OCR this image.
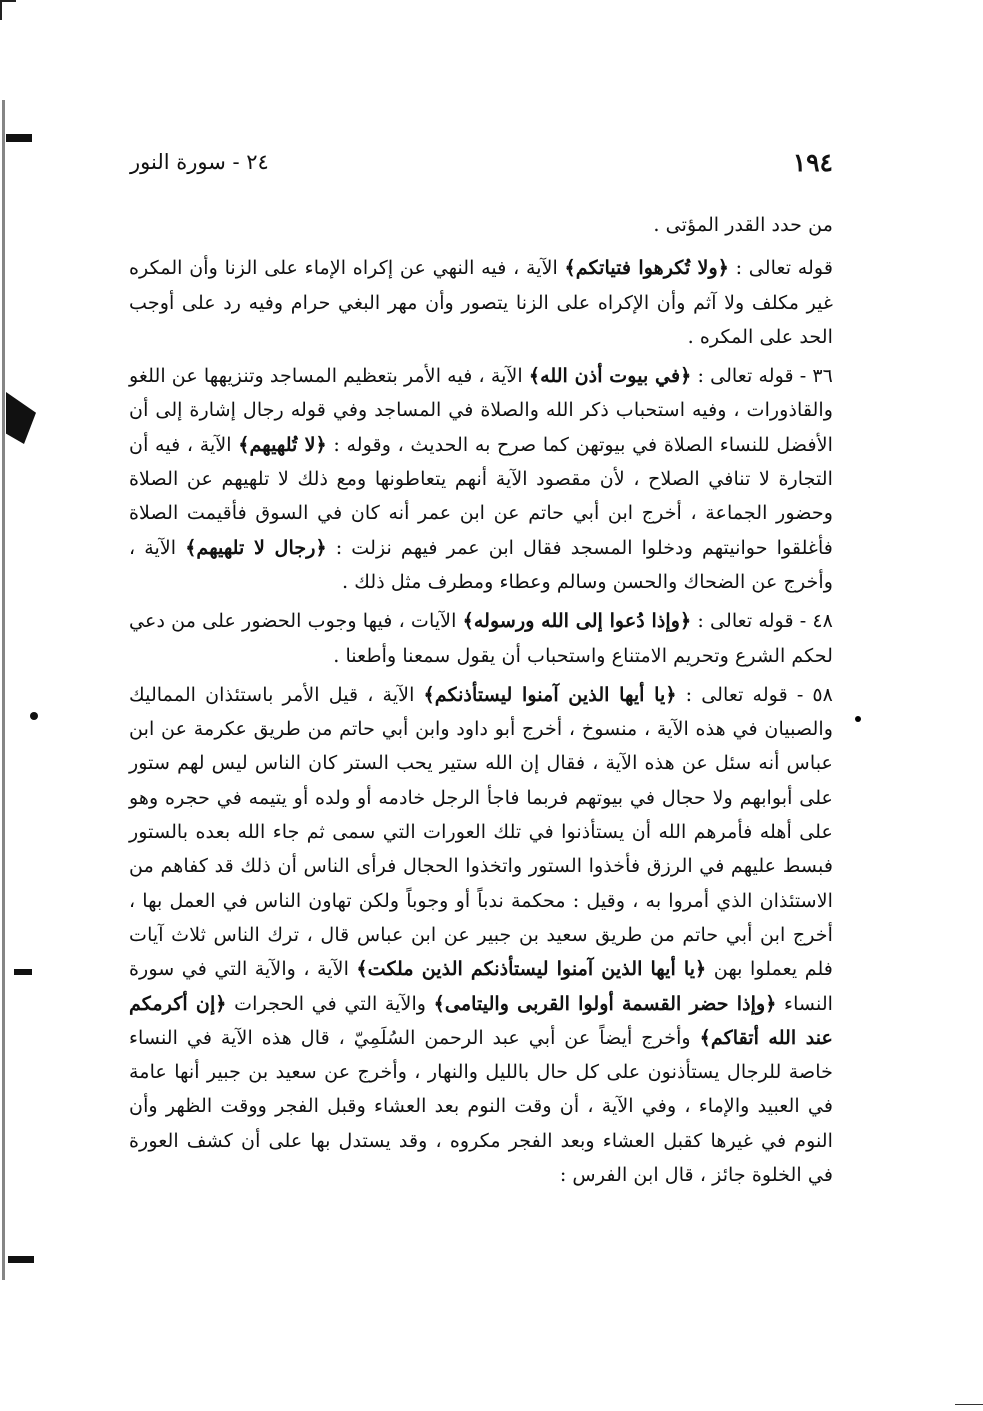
١٩٤
٢٤ - سورة النور

من حدد القدر المؤتى .

قوله تعالى : ﴿ولا تُكرهوا فتياتكم﴾ الآية ، فيه النهي عن إكراه الإماء على الزنا وأن المكره غير مكلف ولا آثم وأن الإكراه على الزنا يتصور وأن مهر البغي حرام وفيه رد على أوجب الحد على المكره .

٣٦ - قوله تعالى : ﴿في بيوت أذن الله﴾ الآية ، فيه الأمر بتعظيم المساجد وتنزيهها عن اللغو والقاذورات ، وفيه استحباب ذكر الله والصلاة في المساجد وفي قوله رجال إشارة إلى أن الأفضل للنساء الصلاة في بيوتهن كما صرح به الحديث ، وقوله : ﴿لا تُلهيهم﴾ الآية ، فيه أن التجارة لا تنافي الصلاح ، لأن مقصود الآية أنهم يتعاطونها ومع ذلك لا تلهيهم عن الصلاة وحضور الجماعة ، أخرج ابن أبي حاتم عن ابن عمر أنه كان في السوق فأقيمت الصلاة فأغلقوا حوانيتهم ودخلوا المسجد فقال ابن عمر فيهم نزلت : ﴿رجال لا تلهيهم﴾ الآية ، وأخرج عن الضحاك والحسن وسالم وعطاء ومطرف مثل ذلك .

٤٨ - قوله تعالى : ﴿وإذا دُعوا إلى الله ورسوله﴾ الآيات ، فيها وجوب الحضور على من دعي لحكم الشرع وتحريم الامتناع واستحباب أن يقول سمعنا وأطعنا .

٥٨ - قوله تعالى : ﴿يا أيها الذين آمنوا ليستأذنكم﴾ الآية ، قيل الأمر باستئذان المماليك والصبيان في هذه الآية ، منسوخ ، أخرج أبو داود وابن أبي حاتم من طريق عكرمة عن ابن عباس أنه سئل عن هذه الآية ، فقال إن الله ستير يحب الستر كان الناس ليس لهم ستور على أبوابهم ولا حجال في بيوتهم فربما فاجأ الرجل خادمه أو ولده أو يتيمه في حجره وهو على أهله فأمرهم الله أن يستأذنوا في تلك العورات التي سمى ثم جاء الله بعده بالستور فبسط عليهم في الرزق فأخذوا الستور واتخذوا الحجال فرأى الناس أن ذلك قد كفاهم من الاستئذان الذي أمروا به ، وقيل : محكمة ندباً أو وجوباً ولكن تهاون الناس في العمل بها ، أخرج ابن أبي حاتم من طريق سعيد بن جبير عن ابن عباس قال ، ترك الناس ثلاث آيات فلم يعملوا بهن ﴿يا أيها الذين آمنوا ليستأذنكم الذين ملكت﴾ الآية ، والآية التي في سورة النساء ﴿وإذا حضر القسمة أولوا القربى واليتامى﴾ والآية التي في الحجرات ﴿إن أكرمكم عند الله أتقاكم﴾ وأخرج أيضاً عن أبي عبد الرحمن السُلَمِيّ ، قال هذه الآية في النساء خاصة للرجال يستأذنون على كل حال بالليل والنهار ، وأخرج عن سعيد بن جبير أنها عامة في العبيد والإماء ، وفي الآية ، أن وقت النوم بعد العشاء وقبل الفجر ووقت الظهر وأن النوم في غيرها كقبل العشاء وبعد الفجر مكروه ، وقد يستدل بها على أن كشف العورة في الخلوة جائز ، قال ابن الفرس :
